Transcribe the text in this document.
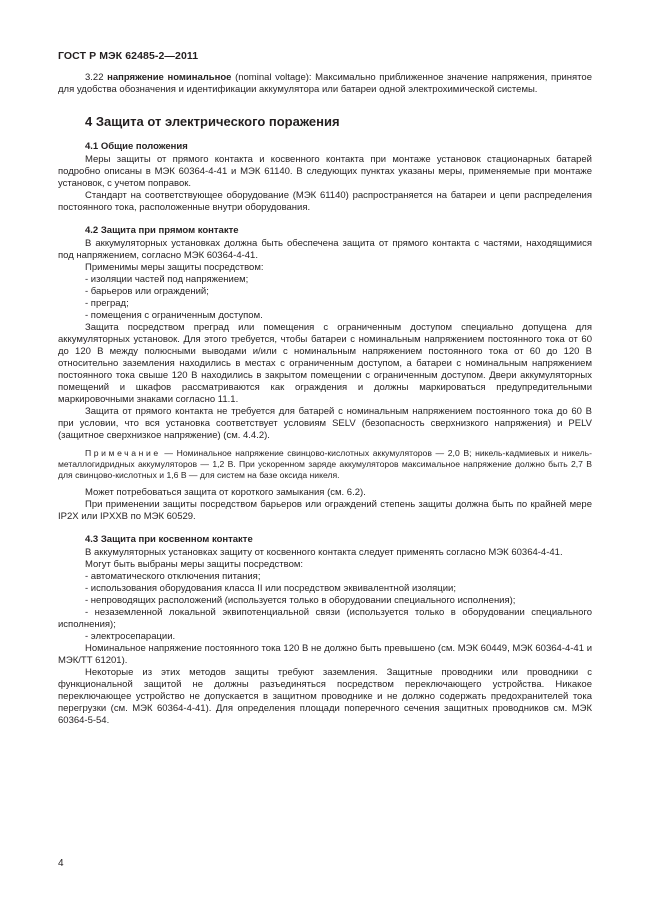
ГОСТ Р МЭК 62485-2—2011

3.22 напряжение номинальное (nominal voltage): Максимально приближенное значение напряжения, принятое для удобства обозначения и идентификации аккумулятора или батареи одной электрохимической системы.

4 Защита от электрического поражения
4.1 Общие положения

Меры защиты от прямого контакта и косвенного контакта при монтаже установок стационарных батарей подробно описаны в МЭК 60364-4-41 и МЭК 61140. В следующих пунктах указаны меры, применяемые при монтаже установок, с учетом поправок.

Стандарт на соответствующее оборудование (МЭК 61140) распространяется на батареи и цепи распределения постоянного тока, расположенные внутри оборудования.

4.2 Защита при прямом контакте

В аккумуляторных установках должна быть обеспечена защита от прямого контакта с частями, находящимися под напряжением, согласно МЭК 60364-4-41.

Применимы меры защиты посредством:

- изоляции частей под напряжением;

- барьеров или ограждений;

- преград;

- помещения с ограниченным доступом.

Защита посредством преград или помещения с ограниченным доступом специально допущена для аккумуляторных установок. Для этого требуется, чтобы батареи с номинальным напряжением постоянного тока от 60 до 120 В между полюсными выводами и/или с номинальным напряжением постоянного тока от 60 до 120 В относительно заземления находились в местах с ограниченным доступом, а батареи с номинальным напряжением постоянного тока свыше 120 В находились в закрытом помещении с ограниченным доступом. Двери аккумуляторных помещений и шкафов рассматриваются как ограждения и должны маркироваться предупредительными маркировочными знаками согласно 11.1.

Защита от прямого контакта не требуется для батарей с номинальным напряжением постоянного тока до 60 В при условии, что вся установка соответствует условиям SELV (безопасность сверхнизкого напряжения) и PELV (защитное сверхнизкое напряжение) (см. 4.4.2).

Примечание — Номинальное напряжение свинцово-кислотных аккумуляторов — 2,0 В; никель-кадмиевых и никель-металлогидридных аккумуляторов — 1,2 В. При ускоренном заряде аккумуляторов максимальное напряжение должно быть 2,7 В для свинцово-кислотных и 1,6 В — для систем на базе оксида никеля.

Может потребоваться защита от короткого замыкания (см. 6.2).

При применении защиты посредством барьеров или ограждений степень защиты должна быть по крайней мере IP2X или IPXXB по МЭК 60529.

4.3 Защита при косвенном контакте

В аккумуляторных установках защиту от косвенного контакта следует применять согласно МЭК 60364-4-41.

Могут быть выбраны меры защиты посредством:

- автоматического отключения питания;

- использования оборудования класса II или посредством эквивалентной изоляции;

- непроводящих расположений (используется только в оборудовании специального исполнения);

- незаземленной локальной эквипотенциальной связи (используется только в оборудовании специального исполнения);

- электросепарации.

Номинальное напряжение постоянного тока 120 В не должно быть превышено (см. МЭК 60449, МЭК 60364-4-41 и МЭК/ТТ 61201).

Некоторые из этих методов защиты требуют заземления. Защитные проводники или проводники с функциональной защитой не должны разъединяться посредством переключающего устройства. Никакое переключающее устройство не допускается в защитном проводнике и не должно содержать предохранителей тока перегрузки (см. МЭК 60364-4-41). Для определения площади поперечного сечения защитных проводников см. МЭК 60364-5-54.

4
